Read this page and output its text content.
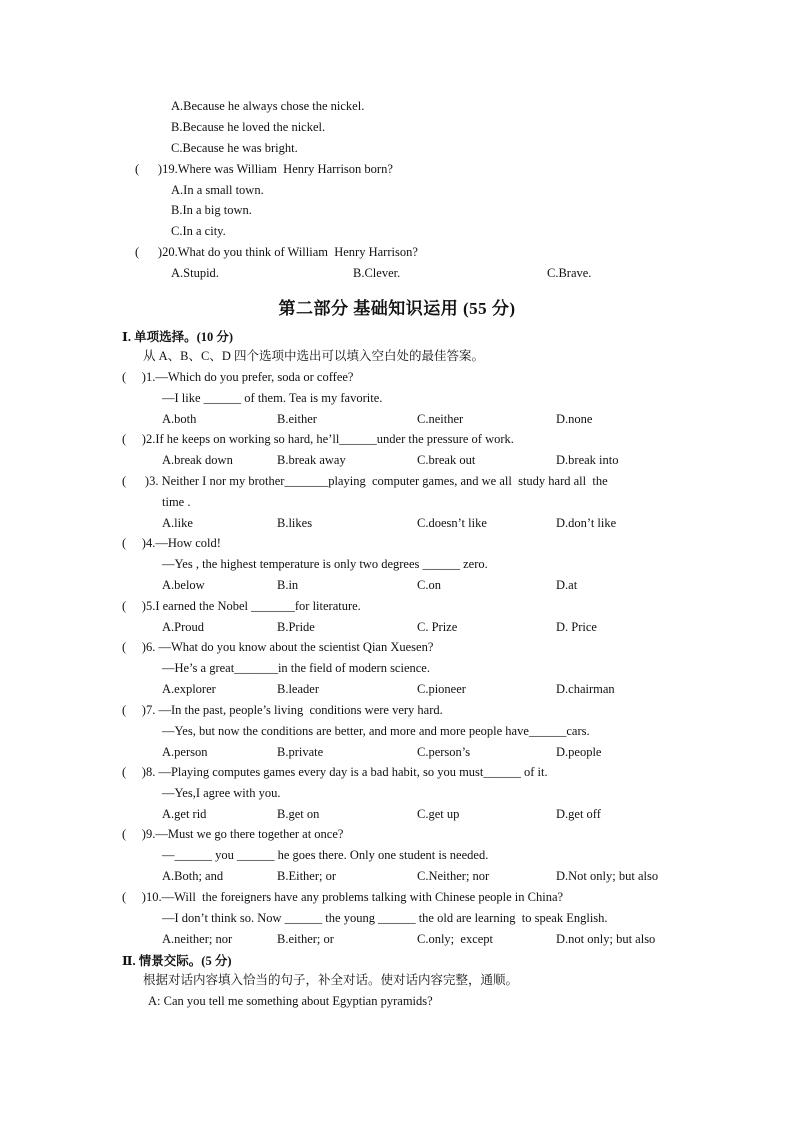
A.Because he always chose the nickel.
B.Because he loved the nickel.
C.Because he was bright.
(      )19.Where was William  Henry Harrison born?
A.In a small town.
B.In a big town.
C.In a city.
(      )20.What do you think of William  Henry Harrison?
A.Stupid.	B.Clever.	C.Brave.
第二部分 基础知识运用 (55 分)
Ⅰ. 单项选择。(10 分)
从 A、B、C、D 四个选项中选出可以填入空白处的最佳答案。
(     )1.—Which do you prefer, soda or coffee?
—I like ______ of them. Tea is my favorite.
A.both	B.either	C.neither	D.none
(     )2.If he keeps on working so hard, he’ll______under the pressure of work.
A.break down	B.break away	C.break out	D.break into
(      )3. Neither I nor my brother_______playing  computer games, and we all  study hard all  the
time .
A.like	B.likes	C.doesn’t like	D.don’t like
(     )4.—How cold!
—Yes , the highest temperature is only two degrees ______ zero.
A.below	B.in	C.on	D.at
(     )5.I earned the Nobel _______for literature.
A.Proud	B.Pride	C. Prize	D. Price
(     )6. —What do you know about the scientist Qian Xuesen?
—He’s a great_______in the field of modern science.
A.explorer	B.leader	C.pioneer	D.chairman
(     )7. —In the past, people’s living  conditions were very hard.
—Yes, but now the conditions are better, and more and more people have______cars.
A.person	B.private	C.person’s	D.people
(     )8. —Playing computes games every day is a bad habit, so you must______ of it.
—Yes,I agree with you.
A.get rid	B.get on	C.get up	D.get off
(     )9.—Must we go there together at once?
—______ you ______ he goes there. Only one student is needed.
A.Both; and	B.Either; or	C.Neither; nor	D.Not only; but also
(     )10.—Will  the foreigners have any problems talking with Chinese people in China?
—I don’t think so. Now ______ the young ______ the old are learning  to speak English.
A.neither; nor	B.either; or	C.only;  except	D.not only; but also
Ⅱ. 情景交际。(5 分)
根据对话内容填入恰当的句子，补全对话。使对话内容完整，通顺。
A: Can you tell me something about Egyptian pyramids?
